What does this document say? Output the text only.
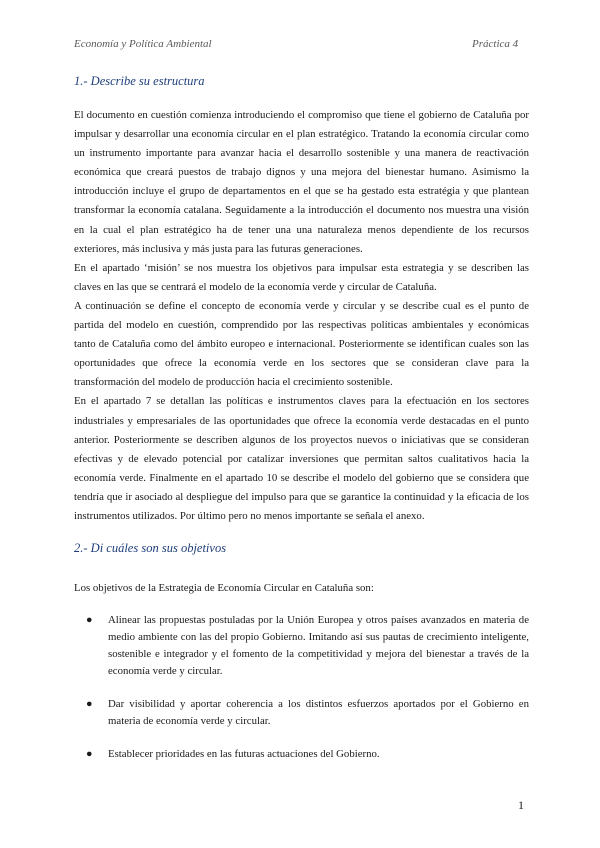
Economía y Política Ambiental	Práctica 4
1.- Describe su estructura

El documento en cuestión comienza introduciendo el compromiso que tiene el gobierno de Cataluña por impulsar y desarrollar una economía circular en el plan estratégico. Tratando la economía circular como un instrumento importante para avanzar hacia el desarrollo sostenible y una manera de reactivación económica que creará puestos de trabajo dignos y una mejora del bienestar humano. Asimismo la introducción incluye el grupo de departamentos en el que se ha gestado esta estratégia y que plantean transformar la economía catalana. Seguidamente a la introducción el documento nos muestra una visión en la cual el plan estratégico ha de tener una una naturaleza menos dependiente de los recursos exteriores, más inclusiva y más justa para las futuras generaciones.

En el apartado ‘misión’ se nos muestra los objetivos para impulsar esta estrategia y se describen las claves en las que se centrará el modelo de la economía verde y circular de Cataluña.

A continuación se define el concepto de economía verde y circular y se describe cual es el punto de partida del modelo en cuestión, comprendido por las respectivas políticas ambientales y económicas tanto de Cataluña como del ámbito europeo e internacional. Posteriormente se identifican cuales son las oportunidades que ofrece la economía verde en los sectores que se consideran clave para la transformación del modelo de producción hacia el crecimiento sostenible.

En el apartado 7 se detallan las políticas e instrumentos claves para la efectuación en los sectores industriales y empresariales de las oportunidades que ofrece la economía verde destacadas en el punto anterior. Posteriormente se describen algunos de los proyectos nuevos o iniciativas que se consideran efectivas y de elevado potencial por catalizar inversiones que permitan saltos cualitativos hacia la economía verde. Finalmente en el apartado 10 se describe el modelo del gobierno que se considera que tendría que ir asociado al despliegue del impulso para que se garantice la continuidad y la eficacia de los instrumentos utilizados. Por último pero no menos importante se señala el anexo.

2.- Di cuáles son sus objetivos
Los objetivos de la Estrategia de Economía Circular en Cataluña son:
● Alinear las propuestas postuladas por la Unión Europea y otros países avanzados en materia de medio ambiente con las del propio Gobierno. Imitando así sus pautas de crecimiento inteligente, sostenible e integrador y el fomento de la competitividad y mejora del bienestar a través de la economía verde y circular.
● Dar visibilidad y aportar coherencia a los distintos esfuerzos aportados por el Gobierno en materia de economía verde y circular.
● Establecer prioridades en las futuras actuaciones del Gobierno.
1
